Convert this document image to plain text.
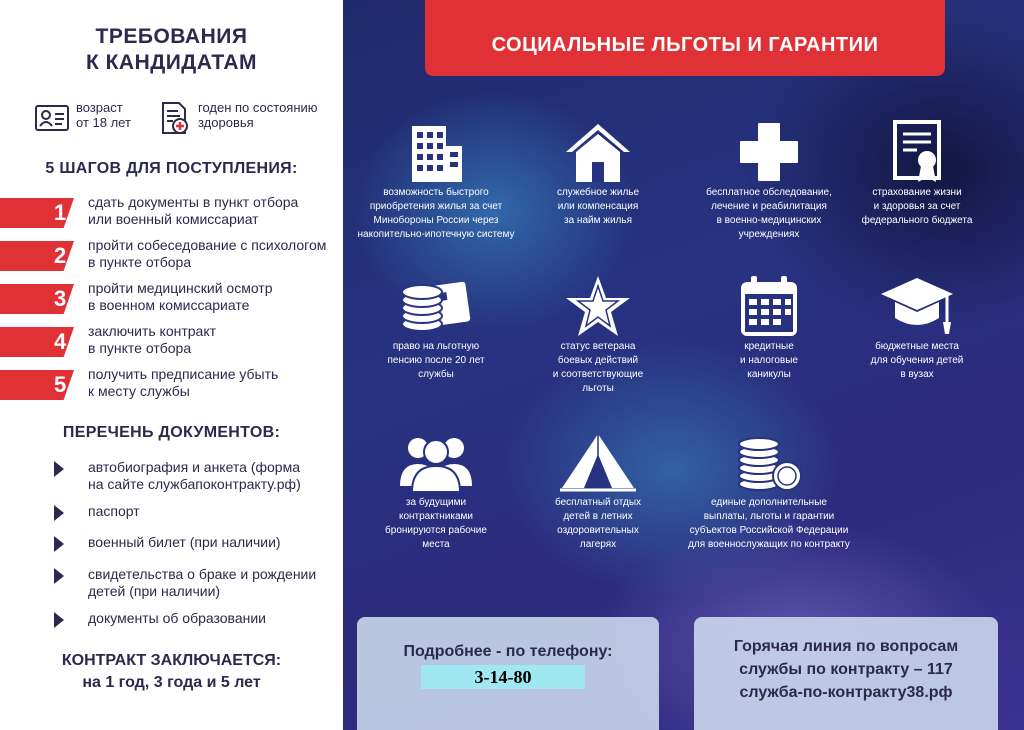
ТРЕБОВАНИЯ
К КАНДИДАТАМ
возраст
от 18 лет
годен по состоянию
здоровья
5 ШАГОВ ДЛЯ ПОСТУПЛЕНИЯ:
1 сдать документы в пункт отбора
или военный комиссариат
2 пройти собеседование с психологом
в пункте отбора
3 пройти медицинский осмотр
в военном комиссариате
4 заключить контракт
в пункте отбора
5 получить предписание убыть
к месту службы
ПЕРЕЧЕНЬ ДОКУМЕНТОВ:
автобиография и анкета (форма
на сайте службапоконтракту.рф)
паспорт
военный билет (при наличии)
свидетельства о браке и рождении
детей (при наличии)
документы об образовании
КОНТРАКТ ЗАКЛЮЧАЕТСЯ:
на 1 год, 3 года и 5 лет
СОЦИАЛЬНЫЕ ЛЬГОТЫ И ГАРАНТИИ
возможность быстрого
приобретения жилья за счет
Минобороны России через
накопительно-ипотечную систему
служебное жилье
или компенсация
за найм жилья
бесплатное обследование,
лечение и реабилитация
в военно-медицинских
учреждениях
страхование жизни
и здоровья за счет
федерального бюджета
право на льготную
пенсию после 20 лет
службы
статус ветерана
боевых действий
и соответствующие
льготы
кредитные
и налоговые
каникулы
бюджетные места
для обучения детей
в вузах
за будущими
контрактниками
бронируются рабочие
места
бесплатный отдых
детей в летних
оздоровительных
лагерях
единые дополнительные
выплаты, льготы и гарантии
субъектов Российской Федерации
для военнослужащих по контракту
Подробнее - по телефону:
3-14-80
Горячая линия по вопросам
службы по контракту – 117
служба-по-контракту38.рф
